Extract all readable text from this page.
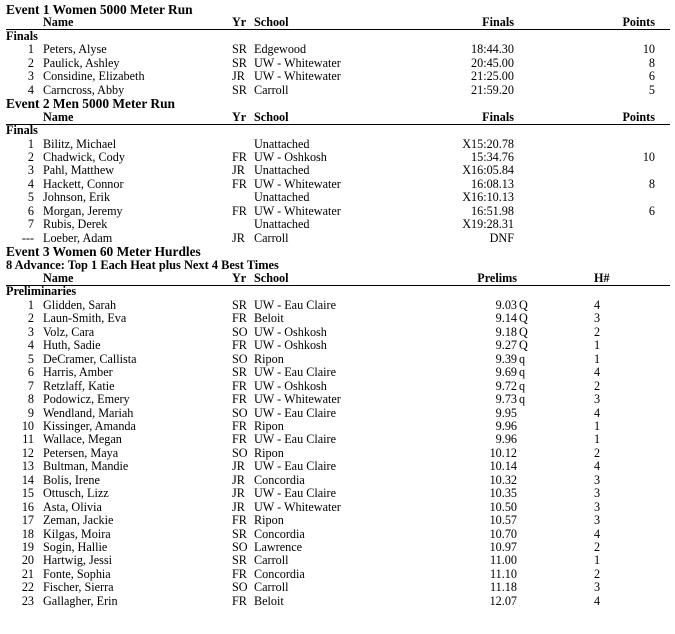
Event 1 Women 5000 Meter Run
Name	Yr School	Finals	Points
Finals
1 Peters, Alyse	SR Edgewood	18:44.30	10
2 Paulick, Ashley	SR UW - Whitewater	20:45.00	8
3 Considine, Elizabeth	JR UW - Whitewater	21:25.00	6
4 Carncross, Abby	SR Carroll	21:59.20	5
Event 2 Men 5000 Meter Run
Name	Yr School	Finals	Points
Finals
1 Bilitz, Michael	Unattached	X15:20.78
2 Chadwick, Cody	FR UW - Oshkosh	15:34.76	10
3 Pahl, Matthew	JR Unattached	X16:05.84
4 Hackett, Connor	FR UW - Whitewater	16:08.13	8
5 Johnson, Erik	Unattached	X16:10.13
6 Morgan, Jeremy	FR UW - Whitewater	16:51.98	6
7 Rubis, Derek	Unattached	X19:28.31
--- Loeber, Adam	JR Carroll	DNF
Event 3 Women 60 Meter Hurdles
8 Advance: Top 1 Each Heat plus Next 4 Best Times
Name	Yr School	Prelims	H#
Preliminaries
1 Glidden, Sarah	SR UW - Eau Claire	9.03 Q	4
2 Laun-Smith, Eva	FR Beloit	9.14 Q	3
3 Volz, Cara	SO UW - Oshkosh	9.18 Q	2
4 Huth, Sadie	FR UW - Oshkosh	9.27 Q	1
5 DeCramer, Callista	SO Ripon	9.39 q	1
6 Harris, Amber	SR UW - Eau Claire	9.69 q	4
7 Retzlaff, Katie	FR UW - Oshkosh	9.72 q	2
8 Podowicz, Emery	FR UW - Whitewater	9.73 q	3
9 Wendland, Mariah	SO UW - Eau Claire	9.95	4
10 Kissinger, Amanda	FR Ripon	9.96	1
11 Wallace, Megan	FR UW - Eau Claire	9.96	1
12 Petersen, Maya	SO Ripon	10.12	2
13 Bultman, Mandie	JR UW - Eau Claire	10.14	4
14 Bolis, Irene	JR Concordia	10.32	3
15 Ottusch, Lizz	JR UW - Eau Claire	10.35	3
16 Asta, Olivia	JR UW - Whitewater	10.50	3
17 Zeman, Jackie	FR Ripon	10.57	3
18 Kilgas, Moira	SR Concordia	10.70	4
19 Sogin, Hallie	SO Lawrence	10.97	2
20 Hartwig, Jessi	SR Carroll	11.00	1
21 Fonte, Sophia	FR Concordia	11.10	2
22 Fischer, Sierra	SO Carroll	11.18	3
23 Gallagher, Erin	FR Beloit	12.07	4
